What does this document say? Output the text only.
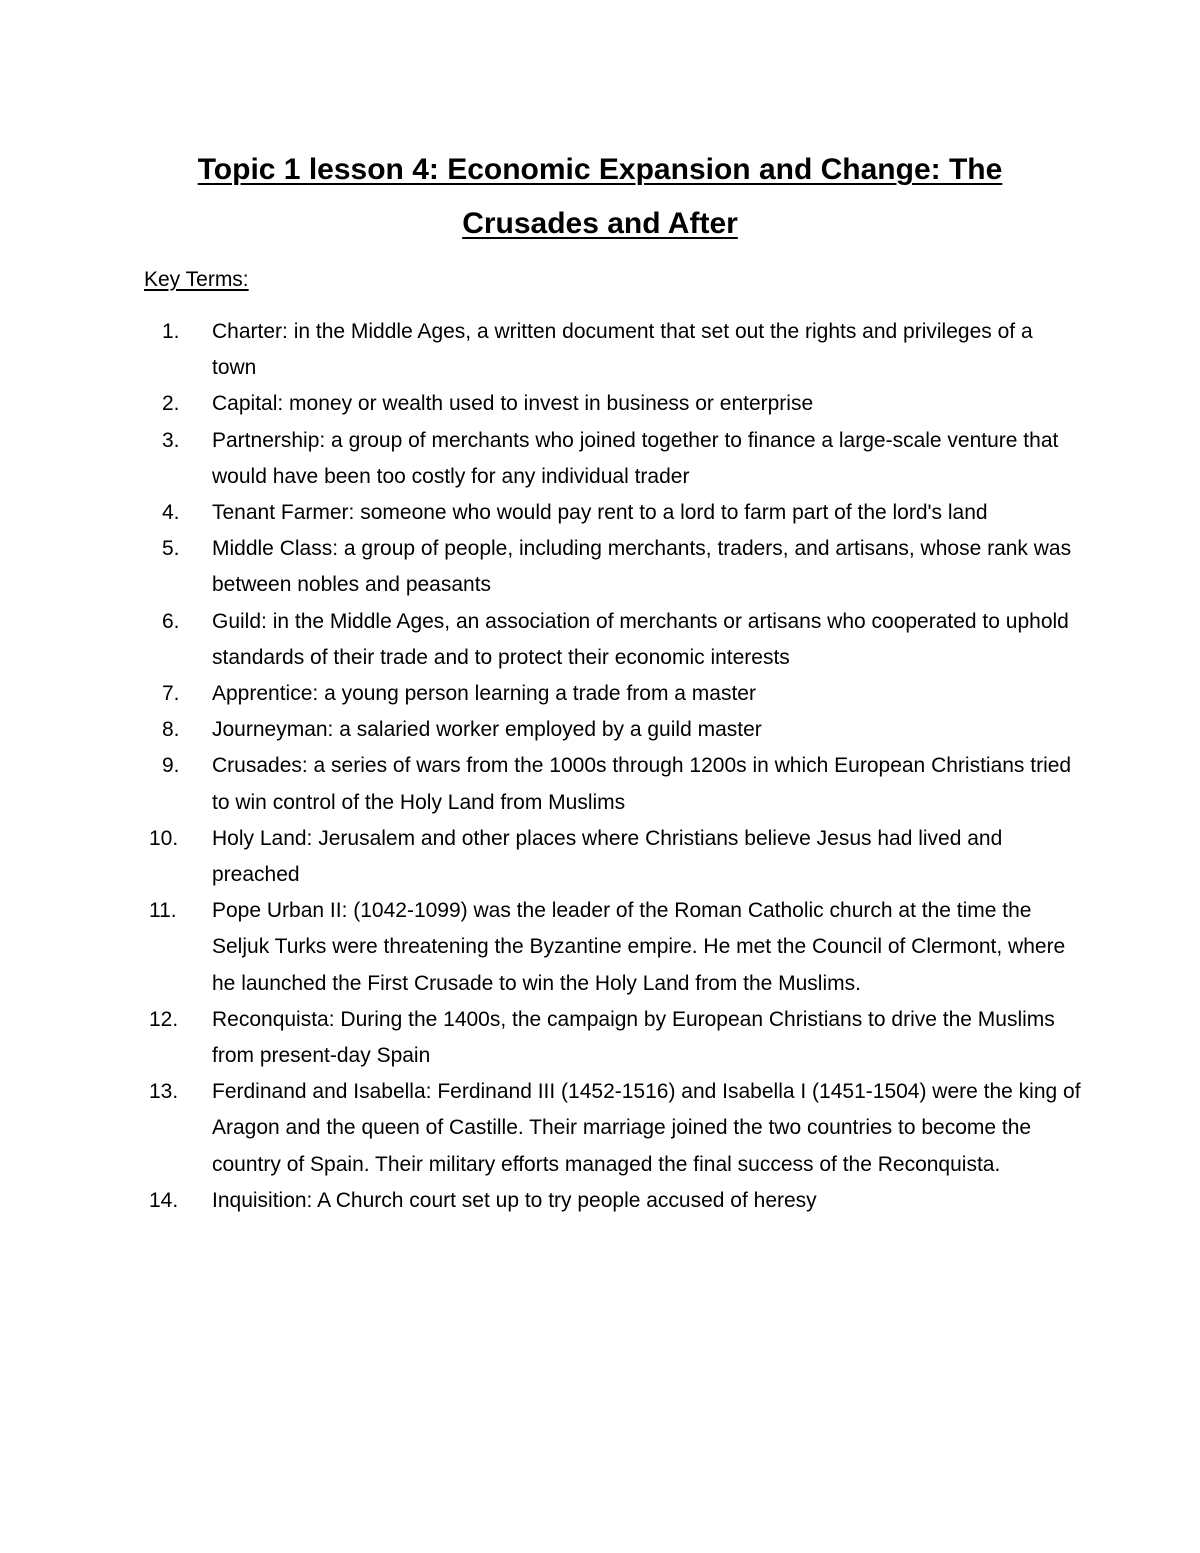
Topic 1 lesson 4: Economic Expansion and Change: The
Crusades and After
Key Terms:
1.	Charter: in the Middle Ages, a written document that set out the rights and privileges of a town
2.	Capital: money or wealth used to invest in business or enterprise
3.	Partnership: a group of merchants who joined together to finance a large-scale venture that would have been too costly for any individual trader
4.	Tenant Farmer: someone who would pay rent to a lord to farm part of the lord's land
5.	Middle Class: a group of people, including merchants, traders, and artisans, whose rank was between nobles and peasants
6.	Guild: in the Middle Ages, an association of merchants or artisans who cooperated to uphold standards of their trade and to protect their economic interests
7.	Apprentice: a young person learning a trade from a master
8.	Journeyman: a salaried worker employed by a guild master
9.	Crusades: a series of wars from the 1000s through 1200s in which European Christians tried to win control of the Holy Land from Muslims
10.	Holy Land: Jerusalem and other places where Christians believe Jesus had lived and preached
11.	Pope Urban II: (1042-1099) was the leader of the Roman Catholic church at the time the Seljuk Turks were threatening the Byzantine empire. He met the Council of Clermont, where he launched the First Crusade to win the Holy Land from the Muslims.
12.	Reconquista: During the 1400s, the campaign by European Christians to drive the Muslims from present-day Spain
13.	Ferdinand and Isabella: Ferdinand III (1452-1516) and Isabella I (1451-1504) were the king of Aragon and the queen of Castille. Their marriage joined the two countries to become the country of Spain. Their military efforts managed the final success of the Reconquista.
14.	Inquisition: A Church court set up to try people accused of heresy
